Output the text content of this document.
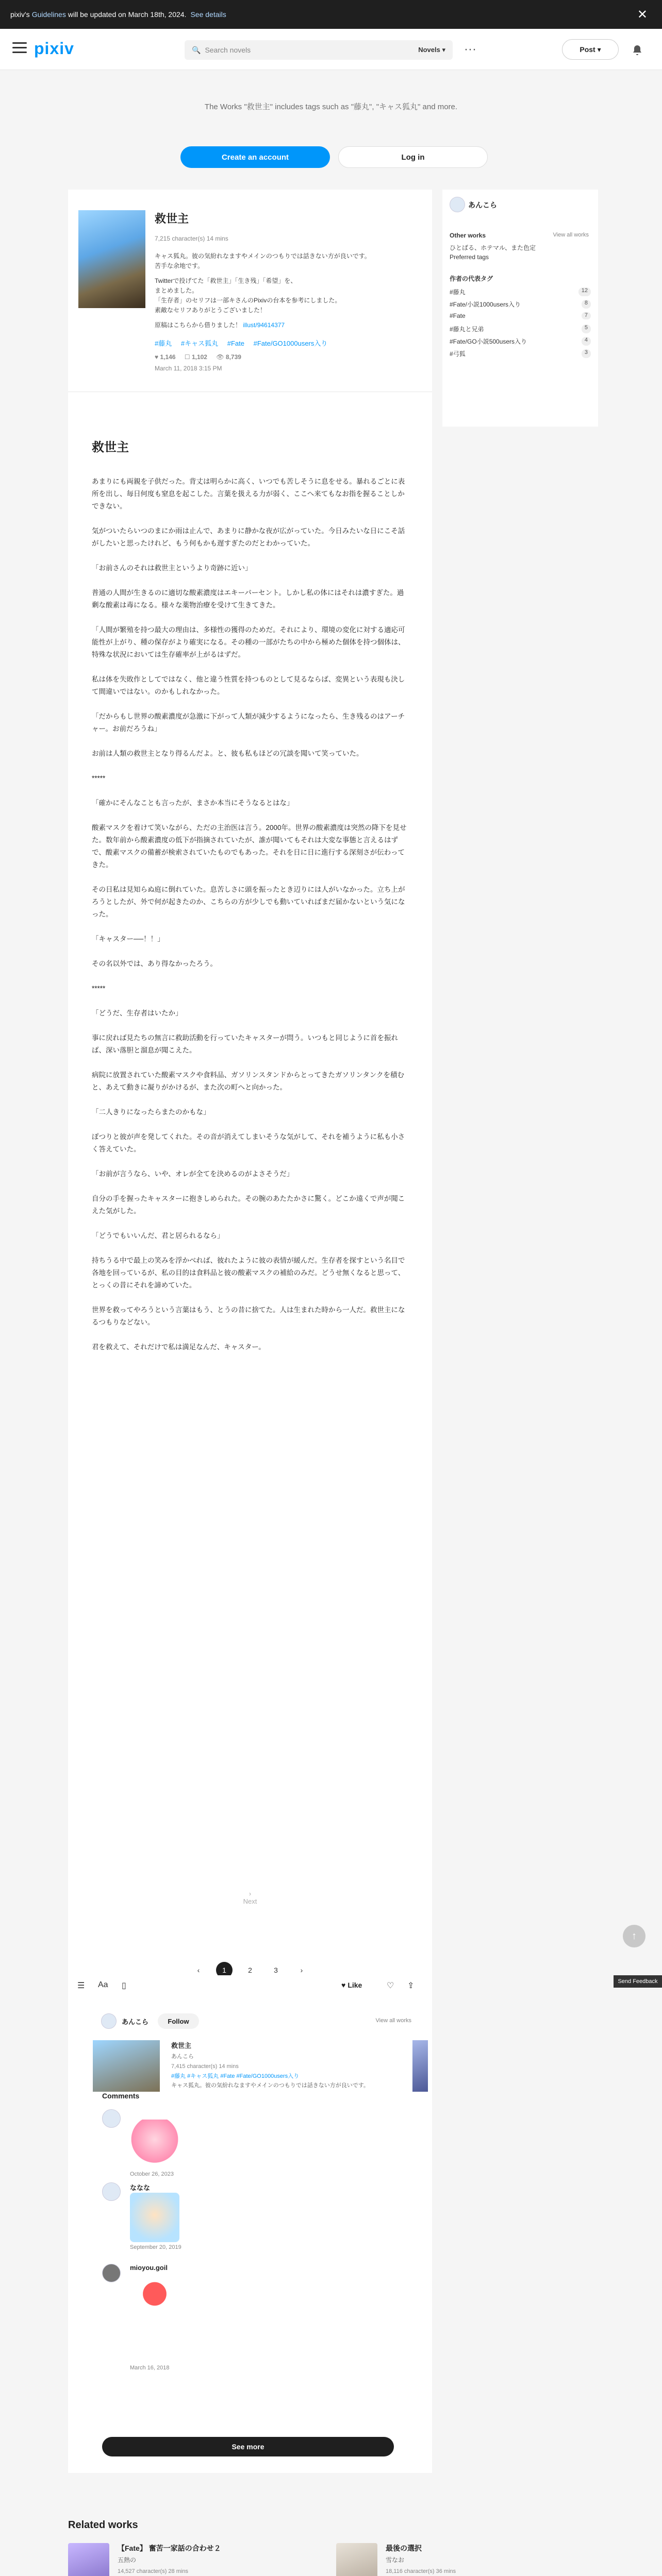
pixiv's Guidelines will be updated on March 18th, 2024. See details	✕
pixiv	🔍 Search novels	Novels ▾ ···	Post ▾
The Works "救世主" includes tags such as "藤丸", "キャス狐丸" and more.
Create an account	Log in
救世主
7,215 character(s) 14 mins
キャス狐丸。彼の気紛れなますやメインのつもりでは話きない方が良いです。
苦手な余地です。
Twitterで投げてた「救世主」「生き残」「希望」を、
まとめました。
「生存者」のセリフは一部キさんのPixivの台本を参考にしました。
素敵なセリフありがとうございました！
原稿はこちらから借りました！ illust/94614377
#藤丸 #キャス狐丸 #Fate #Fate/GO1000users入り
♥ 1,146 ☐ 1,102 👁 8,739
March 11, 2018 3:15 PM
救世主

あまりにも両親を子供だった。背丈は明らかに高く、いつでも苦しそうに息をせる。暴れるごとに表所を出し、毎日何度も窒息を起こした。言葉を扱える力が弱く、ここへ来てもなお指を握ることしかできない。

気がついたらいつのまにか雨は止んで、あまりに静かな夜が広がっていた。今日みたいな日にこそ話がしたいと思ったけれど、もう何もかも遅すぎたのだとわかっていた。

「お前さんのそれは救世主というより奇跡に近い」

普通の人間が生きるのに適切な酸素濃度はエキーパーセント。しかし私の体にはそれは濃すぎた。過剰な酸素は毒になる。様々な薬物治療を受けて生きてきた。

「人間が繁殖を持つ最大の理由は、多様性の獲得のためだ。それにより、環境の変化に対する適応可能性が上がり、種の保存がより確実になる。その種の一部がたちの中から極めた個体を持つ個体は、特殊な状況においては生存確率が上がるはずだ。

私は体を失敗作としてではなく、他と違う性質を持つものとして見るならば、変異という表現も決して間違いではない。のかもしれなかった。

「だからもし世界の酸素濃度が急激に下がって人類が減少するようになったら、生き残るのはアーチャー。お前だろうね」

お前は人類の救世主となり得るんだよ。と、彼も私もほどの冗談を聞いて笑っていた。

*****

「確かにそんなことも言ったが、まさか本当にそうなるとはな」

酸素マスクを着けて笑いながら、ただの主治医は言う。2000年。世界の酸素濃度は突然の降下を見せた。数年前から酸素濃度の低下が指摘されていたが、誰が聞いてもそれは大変な事態と言えるはずで、酸素マスクの備蓄が検索されていたものでもあった。それを日に日に進行する深刻さが伝わってきた。

その日私は見知らぬ庭に倒れていた。息苦しさに頭を振ったとき辺りには人がいなかった。立ち上がろうとしたが、外で何が起きたのか、こちらの方が少しでも動いていればまだ届かないという気になった。

「キャスター──！！」

その名以外では、あり得なかったろう。

*****

「どうだ、生存者はいたか」

事に戻れば見たちの無言に救助活動を行っていたキャスターが問う。いつもと同じように首を振れば、深い落胆と溜息が聞こえた。

病院に放置されていた酸素マスクや食料品、ガソリンスタンドからとってきたガソリンタンクを積むと、あえて動きに凝りがかけるが、また次の町へと向かった。

「二人きりになったらまたのかもな」

ぽつりと彼が声を発してくれた。その音が消えてしまいそうな気がして、それを補うように私も小さく答えていた。

「お前が言うなら、いや、オレが全てを決めるのがよさそうだ」

自分の手を握ったキャスターに抱きしめられた。その腕のあたたかさに驚く。どこか遠くで声が聞こえた気がした。

「どうでもいいんだ、君と居られるなら」

持ちうる中で最上の笑みを浮かべれば、彼れたように彼の表情が緩んだ。生存者を探すという名目で各地を回っているが、私の目的は食料品と彼の酸素マスクの補給のみだ。どうせ無くなると思って、とっくの昔にそれを諦めていた。

世界を救ってやろうという言葉はもう、とうの昔に捨てた。人は生まれた時から一人だ。救世主になるつもりなどない。

君を救えて、それだけで私は満足なんだ、キャスター。

›
Next
‹	1	2	3	›
あんこら
Other works	View all works
ひとばる、ホテマル、また色定
Preferred tags
作者の代表タグ
#藤丸	12
#Fate/小説1000users入り	8
#Fate	7
#藤丸と兄弟	5
#Fate/GO小説500users入り	4
#弓狐	3
↑
Send Feedback
☰ Aa ▯	♥ Like	♡ ⇪
あんこら	Follow	View all works
救世主
あんこら
7,415 character(s) 14 mins
#藤丸 #キャス狐丸 #Fate #Fate/GO1000users入り
キャス狐丸。彼の気紛れなますやメインのつもりでは話きない方が良いです。
Comments
October 26, 2023
ななな
September 20, 2019
mioyou.goil
March 16, 2018
See more
Related works
【Fate】 奮苦一家話の合わせ２
五熱の
14,527 character(s) 28 mins
最後の選択
雪なお
18,116 character(s) 36 mins
